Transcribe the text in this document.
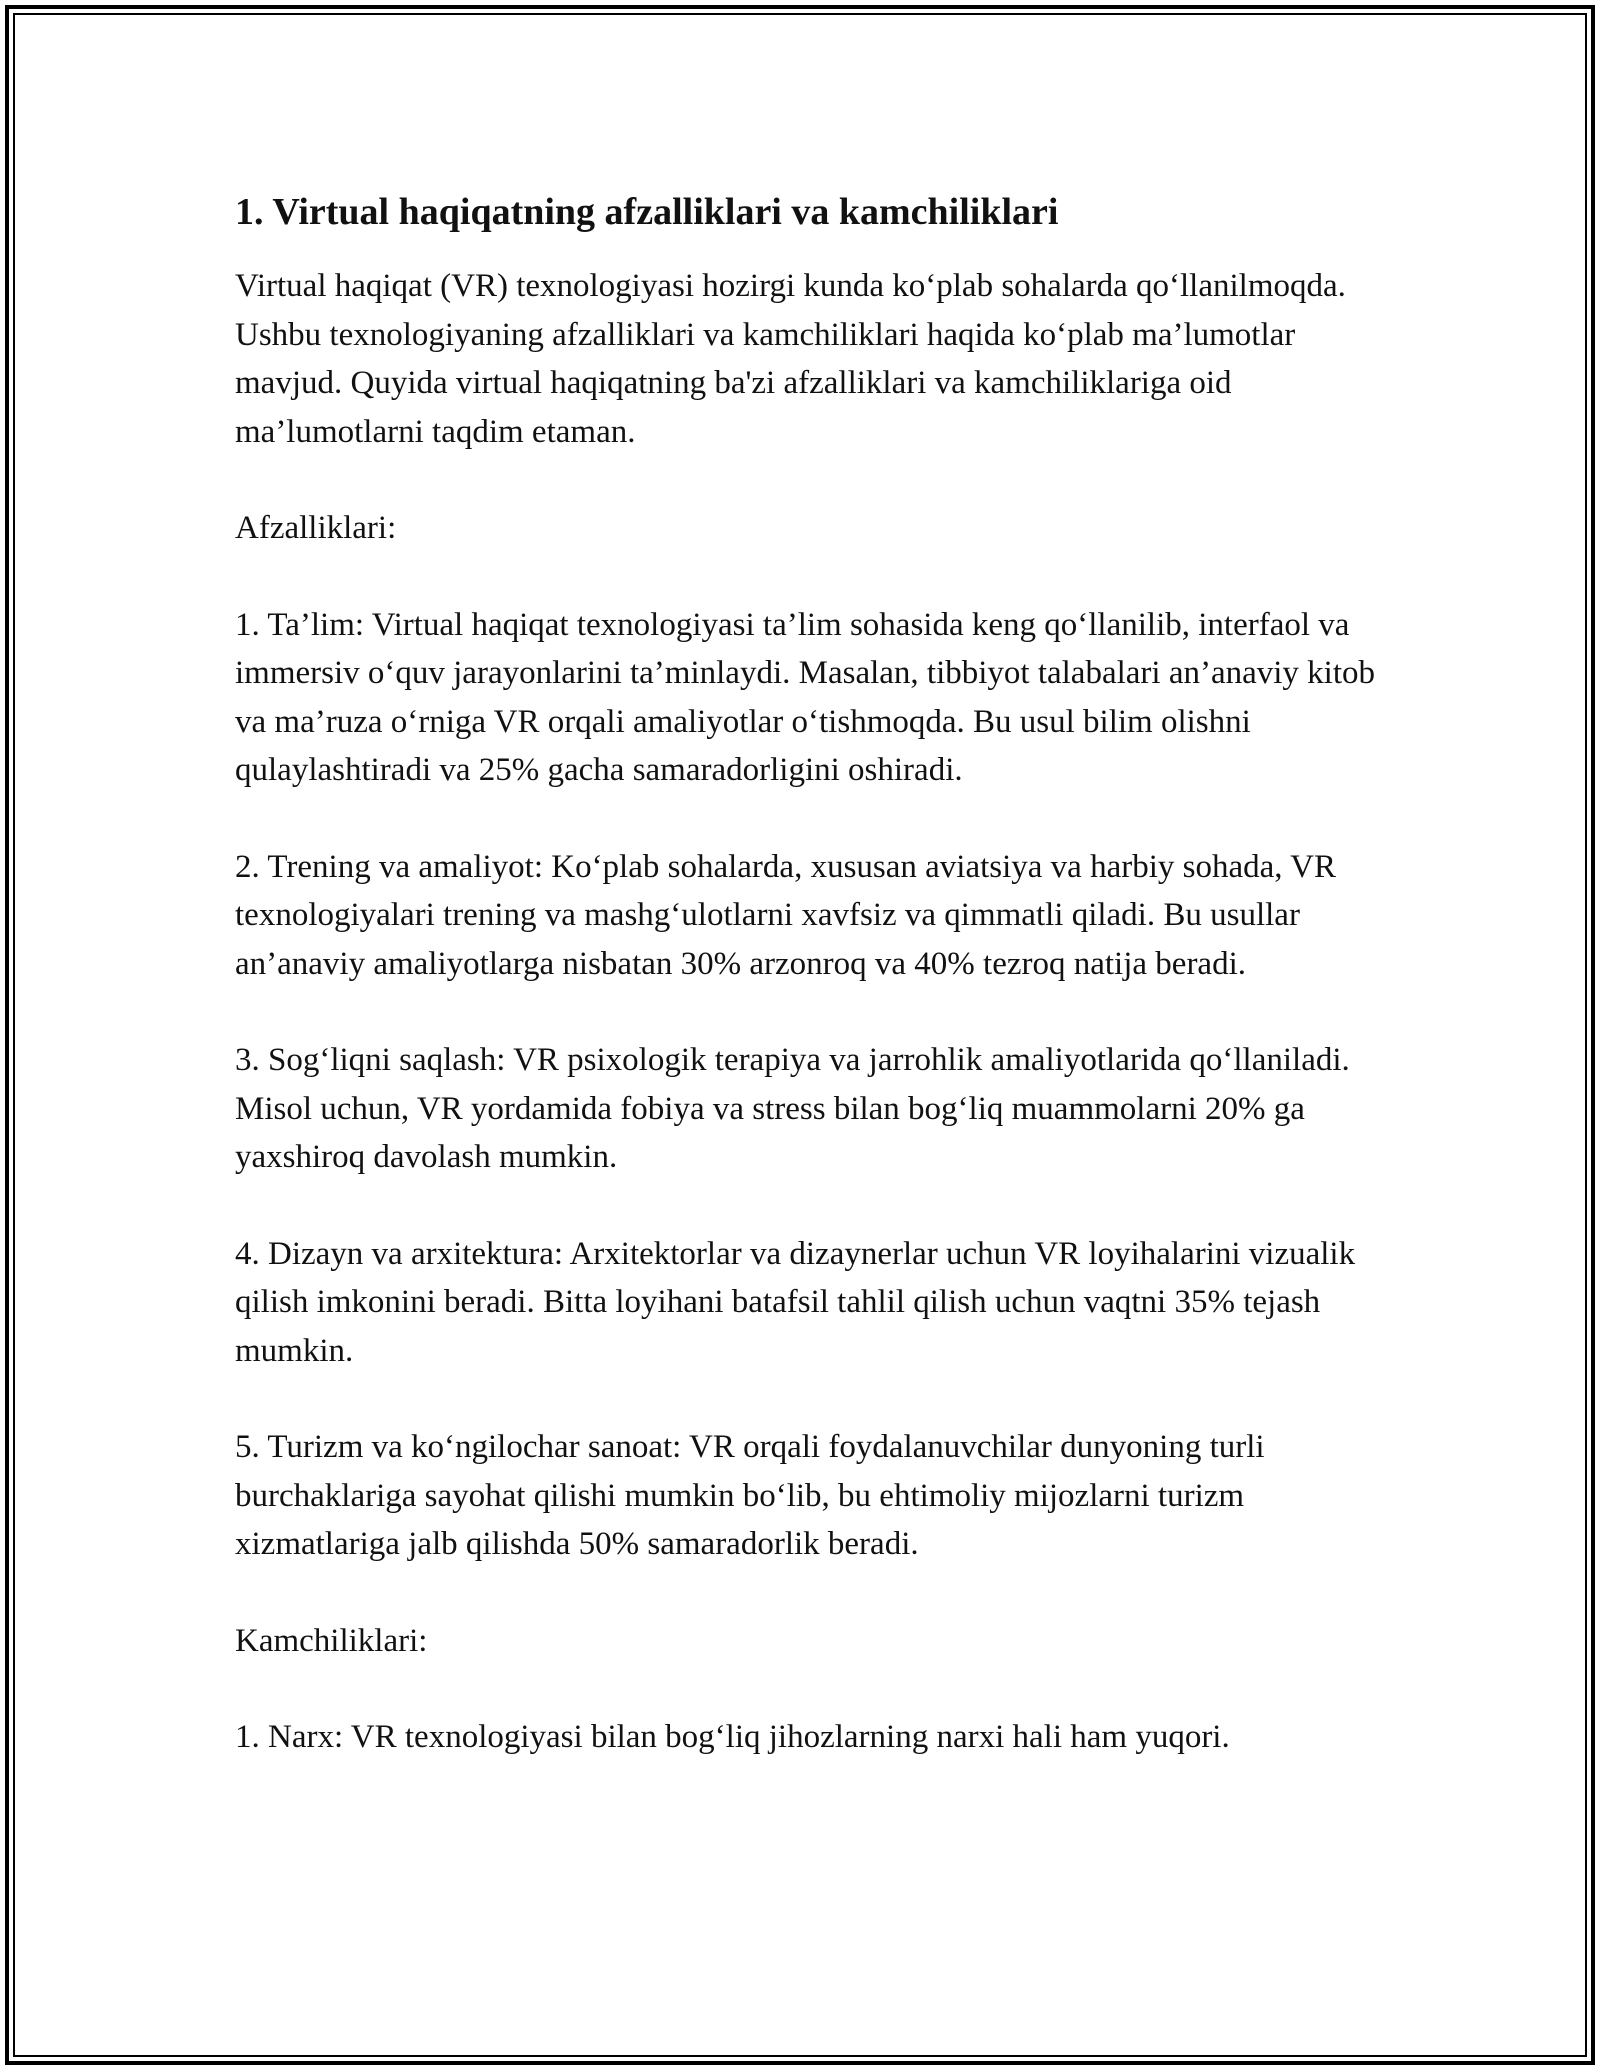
1. Virtual haqiqatning afzalliklari va kamchiliklari

Virtual haqiqat (VR) texnologiyasi hozirgi kunda ko‘plab sohalarda qo‘llanilmoqda. Ushbu texnologiyaning afzalliklari va kamchiliklari haqida ko‘plab ma’lumotlar mavjud. Quyida virtual haqiqatning ba'zi afzalliklari va kamchiliklariga oid ma’lumotlarni taqdim etaman.

Afzalliklari:

1. Ta’lim: Virtual haqiqat texnologiyasi ta’lim sohasida keng qo‘llanilib, interfaol va immersiv o‘quv jarayonlarini ta’minlaydi. Masalan, tibbiyot talabalari an’anaviy kitob va ma’ruza o‘rniga VR orqali amaliyotlar o‘tishmoqda. Bu usul bilim olishni qulaylashtiradi va 25% gacha samaradorligini oshiradi.

2. Trening va amaliyot: Ko‘plab sohalarda, xususan aviatsiya va harbiy sohada, VR texnologiyalari trening va mashg‘ulotlarni xavfsiz va qimmatli qiladi. Bu usullar an’anaviy amaliyotlarga nisbatan 30% arzonroq va 40% tezroq natija beradi.

3. Sog‘liqni saqlash: VR psixologik terapiya va jarrohlik amaliyotlarida qo‘llaniladi. Misol uchun, VR yordamida fobiya va stress bilan bog‘liq muammolarni 20% ga yaxshiroq davolash mumkin.

4. Dizayn va arxitektura: Arxitektorlar va dizaynerlar uchun VR loyihalarini vizualik qilish imkonini beradi. Bitta loyihani batafsil tahlil qilish uchun vaqtni 35% tejash mumkin.

5. Turizm va ko‘ngilochar sanoat: VR orqali foydalanuvchilar dunyoning turli burchaklariga sayohat qilishi mumkin bo‘lib, bu ehtimoliy mijozlarni turizm xizmatlariga jalb qilishda 50% samaradorlik beradi.

Kamchiliklari:

1. Narx: VR texnologiyasi bilan bog‘liq jihozlarning narxi hali ham yuqori.
